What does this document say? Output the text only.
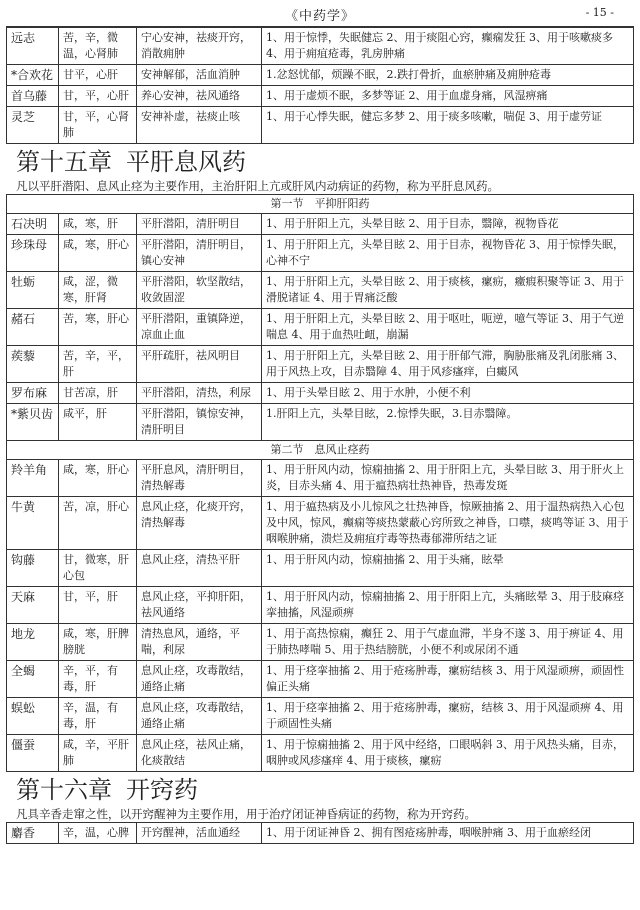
《中药学》	- 15 -
远志	苦，辛，微温，心肾肺	宁心安神，祛痰开窍，消散痈肿	1、用于惊悸，失眠健忘 2、用于痰阻心窍，癫痫发狂 3、用于咳嗽痰多 4、用于痈疽疮毒，乳房肿痛
*合欢花	甘平，心肝	安神解郁，活血消肿	1.忿怒忧郁，烦躁不眠，2.跌打骨折，血瘀肿痛及痈肿疮毒
首乌藤	甘，平，心肝	养心安神，祛风通络	1、用于虚烦不眠，多梦等证 2、用于血虚身痛，风湿痹痛
灵芝	甘，平，心肾肺	安神补虚，祛痰止咳	1、用于心悸失眠，健忘多梦 2、用于痰多咳嗽，喘促 3、用于虚劳证
第十五章 平肝息风药
凡以平肝潜阳、息风止痉为主要作用，主治肝阳上亢或肝风内动病证的药物，称为平肝息风药。
第一节　平抑肝阳药			
石决明	咸，寒，肝	平肝潜阳，清肝明目	1、用于肝阳上亢，头晕目眩 2、用于目赤，翳障，视物昏花
珍珠母	咸，寒，肝心	平肝潜阳，清肝明目，镇心安神	1、用于肝阳上亢，头晕目眩 2、用于目赤，视物昏花 3、用于惊悸失眠，心神不宁
牡蛎	咸，涩，微寒，肝肾	平肝潜阳，软坚散结，收敛固涩	1、用于肝阳上亢，头晕目眩 2、用于痰核，瘰疬，癥瘕积聚等证 3、用于滑脱诸证 4、用于胃痛泛酸
赭石	苦，寒，肝心	平肝潜阳，重镇降逆，凉血止血	1、用于肝阳上亢，头晕目眩 2、用于呕吐，呃逆，噫气等证 3、用于气逆喘息 4、用于血热吐衄，崩漏
蒺藜	苦，辛，平，肝	平肝疏肝，祛风明目	1、用于肝阳上亢，头晕目眩 2、用于肝郁气滞，胸胁胀痛及乳闭胀痛 3、用于风热上攻，目赤翳障 4、用于风疹瘙痒，白癜风
罗布麻	甘苦凉，肝	平肝潜阳，清热，利尿	1、用于头晕目眩 2、用于水肿，小便不利
*紫贝齿	咸平，肝	平肝潜阳，镇惊安神，清肝明目	1.肝阳上亢，头晕目眩，2.惊悸失眠，3.目赤翳障。
第二节　息风止痉药			
羚羊角	咸，寒，肝心	平肝息风，清肝明目，清热解毒	1、用于肝风内动，惊痫抽搐 2、用于肝阳上亢，头晕目眩 3、用于肝火上炎，目赤头痛 4、用于瘟热病壮热神昏，热毒发斑
牛黄	苦，凉，肝心	息风止痉，化痰开窍，清热解毒	1、用于瘟热病及小儿惊风之壮热神昏，惊厥抽搐 2、用于温热病热入心包及中风，惊风，癫痫等痰热蒙蔽心窍所致之神昏，口噤，痰鸣等证 3、用于咽喉肿痛，溃烂及痈疽疔毒等热毒郁滞所结之证
钩藤	甘，微寒，肝心包	息风止痉，清热平肝	1、用于肝风内动，惊痫抽搐 2、用于头痛，眩晕
天麻	甘，平，肝	息风止痉，平抑肝阳，祛风通络	1、用于肝风内动，惊痫抽搐 2、用于肝阳上亢，头痛眩晕 3、用于肢麻痉挛抽搐，风湿顽痹
地龙	咸，寒，肝脾膀胱	清热息风，通络，平喘，利尿	1、用于高热惊痫，癫狂 2、用于气虚血滞，半身不遂 3、用于痹证 4、用于肺热哮喘 5、用于热结膀胱，小便不利或尿闭不通
全蝎	辛，平，有毒，肝	息风止痉，攻毒散结，通络止痛	1、用于痉挛抽搐 2、用于疮疡肿毒，瘰疬结核 3、用于风湿顽痹，顽固性偏正头痛
蜈蚣	辛，温，有毒，肝	息风止痉，攻毒散结，通络止痛	1、用于痉挛抽搐 2、用于疮疡肿毒，瘰疬，结核 3、用于风湿顽痹 4、用于顽固性头痛
僵蚕	咸，辛，平肝肺	息风止痉，祛风止痛，化痰散结	1、用于惊痫抽搐 2、用于风中经络，口眼㖞斜 3、用于风热头痛，目赤，咽肿或风疹瘙痒 4、用于痰核，瘰疬
第十六章 开窍药
凡具辛香走窜之性，以开窍醒神为主要作用，用于治疗闭证神昏病证的药物，称为开窍药。
麝香	辛，温，心脾	开窍醒神，活血通经	1、用于闭证神昏 2、拥有图疮疡肿毒，咽喉肿痛 3、用于血瘀经闭
